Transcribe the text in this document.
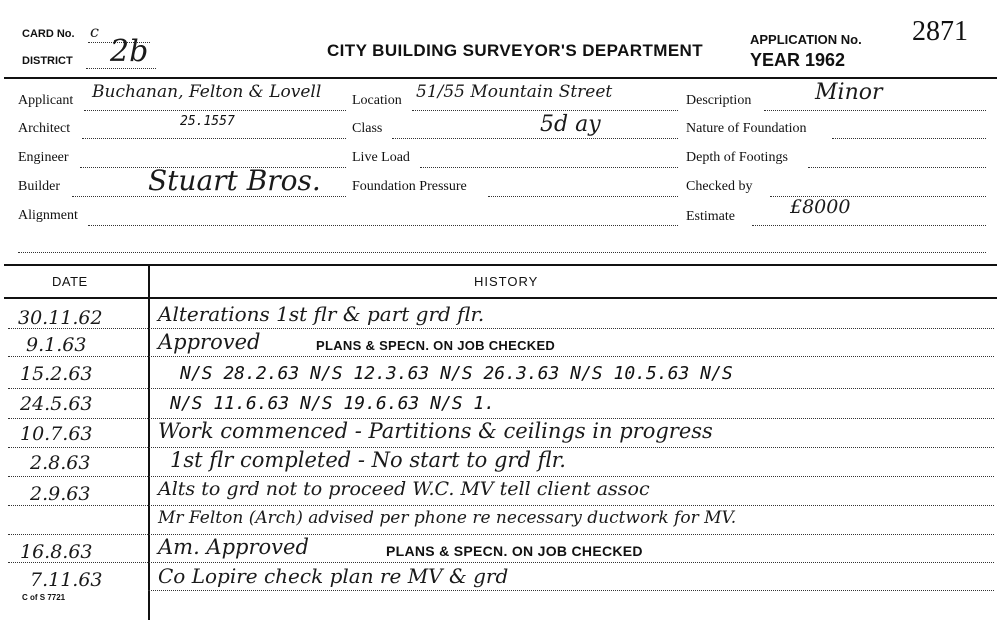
CARD No. c
DISTRICT 2b	CITY BUILDING SURVEYOR'S DEPARTMENT
APPLICATION No. 2871
YEAR 1962
Applicant Buchanan, Felton & Lovell
Architect	25.1557
Engineer
Builder	Stuart Bros.
Alignment
Location 51/55 Mountain Street
Class	5d ay
Live Load
Foundation Pressure
Description	Minor
Nature of Foundation
Depth of Footings
Checked by
Estimate	£8000
DATE	HISTORY
30.11.62	Alterations 1st flr & part grd flr.
9.1.63	Approved	PLANS & SPECN. ON JOB CHECKED
15.2.63	N/S 28.2.63 N/S 12.3.63 N/S 26.3.63 N/S 10.5.63 N/S
24.5.63	N/S 11.6.63 N/S 19.6.63 N/S 1.
10.7.63	Work commenced - Partitions & ceilings in progress
2.8.63	1st flr completed - No start to grd flr.
2.9.63	Alts to grd not to proceed W.C. MV tell client assoc
Mr Felton (Arch) advised per phone re necessary ductwork for MV.
16.8.63	Am. Approved	PLANS & SPECN. ON JOB CHECKED
7.11.63	Co Lopire check plan re MV & grd
C of S 7721
